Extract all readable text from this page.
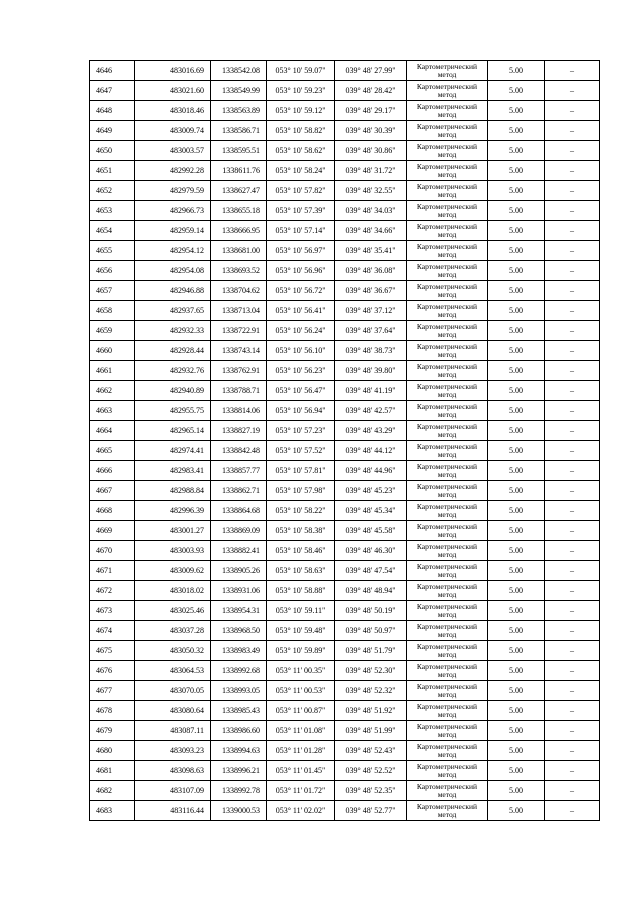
4646	483016.69	1338542.08	053° 10' 59.07"	039° 48' 27.99"	Картометрический метод	5.00	–
4647	483021.60	1338549.99	053° 10' 59.23"	039° 48' 28.42"	Картометрический метод	5.00	–
4648	483018.46	1338563.89	053° 10' 59.12"	039° 48' 29.17"	Картометрический метод	5.00	–
4649	483009.74	1338586.71	053° 10' 58.82"	039° 48' 30.39"	Картометрический метод	5.00	–
4650	483003.57	1338595.51	053° 10' 58.62"	039° 48' 30.86"	Картометрический метод	5.00	–
4651	482992.28	1338611.76	053° 10' 58.24"	039° 48' 31.72"	Картометрический метод	5.00	–
4652	482979.59	1338627.47	053° 10' 57.82"	039° 48' 32.55"	Картометрический метод	5.00	–
4653	482966.73	1338655.18	053° 10' 57.39"	039° 48' 34.03"	Картометрический метод	5.00	–
4654	482959.14	1338666.95	053° 10' 57.14"	039° 48' 34.66"	Картометрический метод	5.00	–
4655	482954.12	1338681.00	053° 10' 56.97"	039° 48' 35.41"	Картометрический метод	5.00	–
4656	482954.08	1338693.52	053° 10' 56.96"	039° 48' 36.08"	Картометрический метод	5.00	–
4657	482946.88	1338704.62	053° 10' 56.72"	039° 48' 36.67"	Картометрический метод	5.00	–
4658	482937.65	1338713.04	053° 10' 56.41"	039° 48' 37.12"	Картометрический метод	5.00	–
4659	482932.33	1338722.91	053° 10' 56.24"	039° 48' 37.64"	Картометрический метод	5.00	–
4660	482928.44	1338743.14	053° 10' 56.10"	039° 48' 38.73"	Картометрический метод	5.00	–
4661	482932.76	1338762.91	053° 10' 56.23"	039° 48' 39.80"	Картометрический метод	5.00	–
4662	482940.89	1338788.71	053° 10' 56.47"	039° 48' 41.19"	Картометрический метод	5.00	–
4663	482955.75	1338814.06	053° 10' 56.94"	039° 48' 42.57"	Картометрический метод	5.00	–
4664	482965.14	1338827.19	053° 10' 57.23"	039° 48' 43.29"	Картометрический метод	5.00	–
4665	482974.41	1338842.48	053° 10' 57.52"	039° 48' 44.12"	Картометрический метод	5.00	–
4666	482983.41	1338857.77	053° 10' 57.81"	039° 48' 44.96"	Картометрический метод	5.00	–
4667	482988.84	1338862.71	053° 10' 57.98"	039° 48' 45.23"	Картометрический метод	5.00	–
4668	482996.39	1338864.68	053° 10' 58.22"	039° 48' 45.34"	Картометрический метод	5.00	–
4669	483001.27	1338869.09	053° 10' 58.38"	039° 48' 45.58"	Картометрический метод	5.00	–
4670	483003.93	1338882.41	053° 10' 58.46"	039° 48' 46.30"	Картометрический метод	5.00	–
4671	483009.62	1338905.26	053° 10' 58.63"	039° 48' 47.54"	Картометрический метод	5.00	–
4672	483018.02	1338931.06	053° 10' 58.88"	039° 48' 48.94"	Картометрический метод	5.00	–
4673	483025.46	1338954.31	053° 10' 59.11"	039° 48' 50.19"	Картометрический метод	5.00	–
4674	483037.28	1338968.50	053° 10' 59.48"	039° 48' 50.97"	Картометрический метод	5.00	–
4675	483050.32	1338983.49	053° 10' 59.89"	039° 48' 51.79"	Картометрический метод	5.00	–
4676	483064.53	1338992.68	053° 11' 00.35"	039° 48' 52.30"	Картометрический метод	5.00	–
4677	483070.05	1338993.05	053° 11' 00.53"	039° 48' 52.32"	Картометрический метод	5.00	–
4678	483080.64	1338985.43	053° 11' 00.87"	039° 48' 51.92"	Картометрический метод	5.00	–
4679	483087.11	1338986.60	053° 11' 01.08"	039° 48' 51.99"	Картометрический метод	5.00	–
4680	483093.23	1338994.63	053° 11' 01.28"	039° 48' 52.43"	Картометрический метод	5.00	–
4681	483098.63	1338996.21	053° 11' 01.45"	039° 48' 52.52"	Картометрический метод	5.00	–
4682	483107.09	1338992.78	053° 11' 01.72"	039° 48' 52.35"	Картометрический метод	5.00	–
4683	483116.44	1339000.53	053° 11' 02.02"	039° 48' 52.77"	Картометрический метод	5.00	–
